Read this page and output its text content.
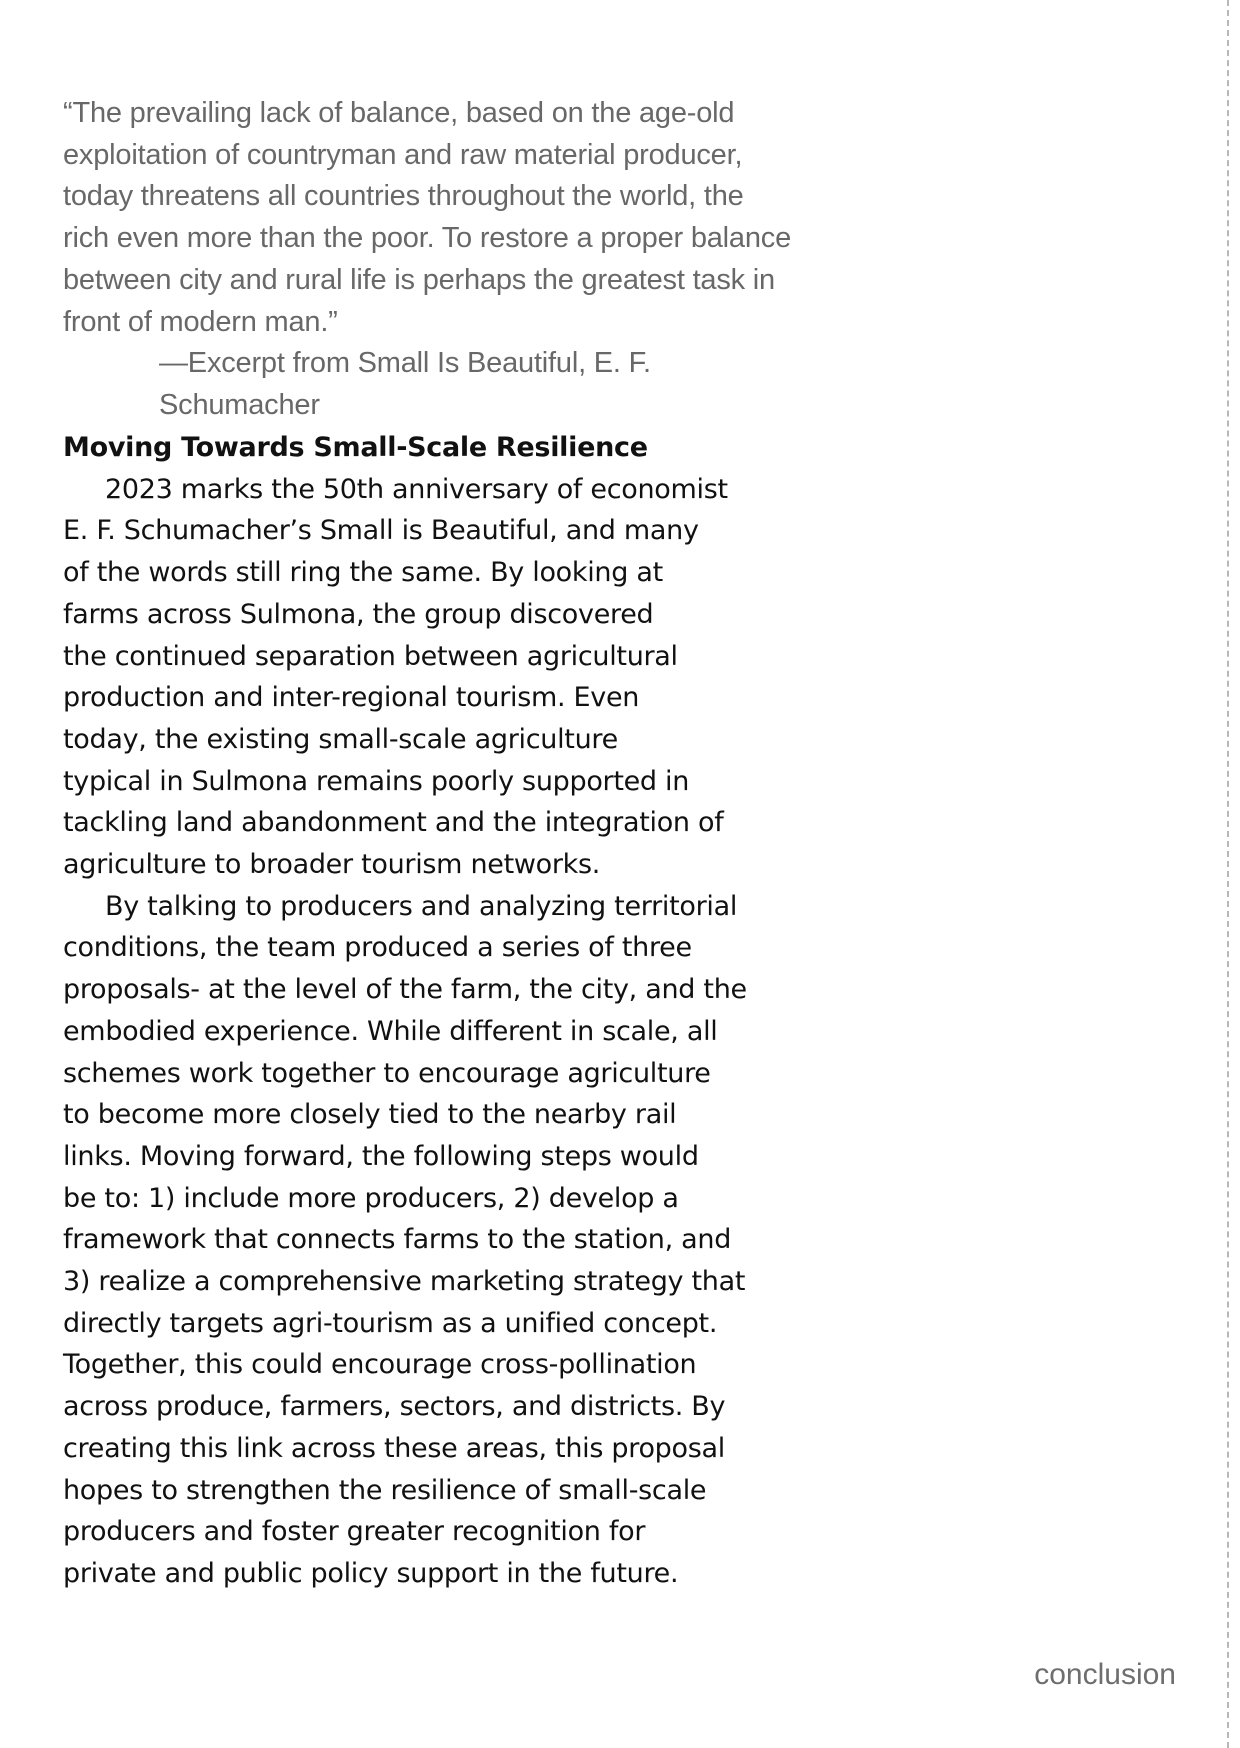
“The prevailing lack of balance, based on the age-old
exploitation of countryman and raw material producer,
today threatens all countries throughout the world, the
rich even more than the poor. To restore a proper balance
between city and rural life is perhaps the greatest task in
front of modern man.”

—Excerpt from Small Is Beautiful, E. F. Schumacher

Moving Towards Small-Scale Resilience

2023 marks the 50th anniversary of economist
E. F. Schumacher’s Small is Beautiful, and many
of the words still ring the same. By looking at
farms across Sulmona, the group discovered
the continued separation between agricultural
production and inter-regional tourism. Even
today, the existing small-scale agriculture
typical in Sulmona remains poorly supported in
tackling land abandonment and the integration of
agriculture to broader tourism networks.

By talking to producers and analyzing territorial
conditions, the team produced a series of three
proposals- at the level of the farm, the city, and the
embodied experience. While different in scale, all
schemes work together to encourage agriculture
to become more closely tied to the nearby rail
links. Moving forward, the following steps would
be to: 1) include more producers, 2) develop a
framework that connects farms to the station, and
3) realize a comprehensive marketing strategy that
directly targets agri-tourism as a unified concept.
Together, this could encourage cross-pollination
across produce, farmers, sectors, and districts. By
creating this link across these areas, this proposal
hopes to strengthen the resilience of small-scale
producers and foster greater recognition for
private and public policy support in the future.

conclusion
